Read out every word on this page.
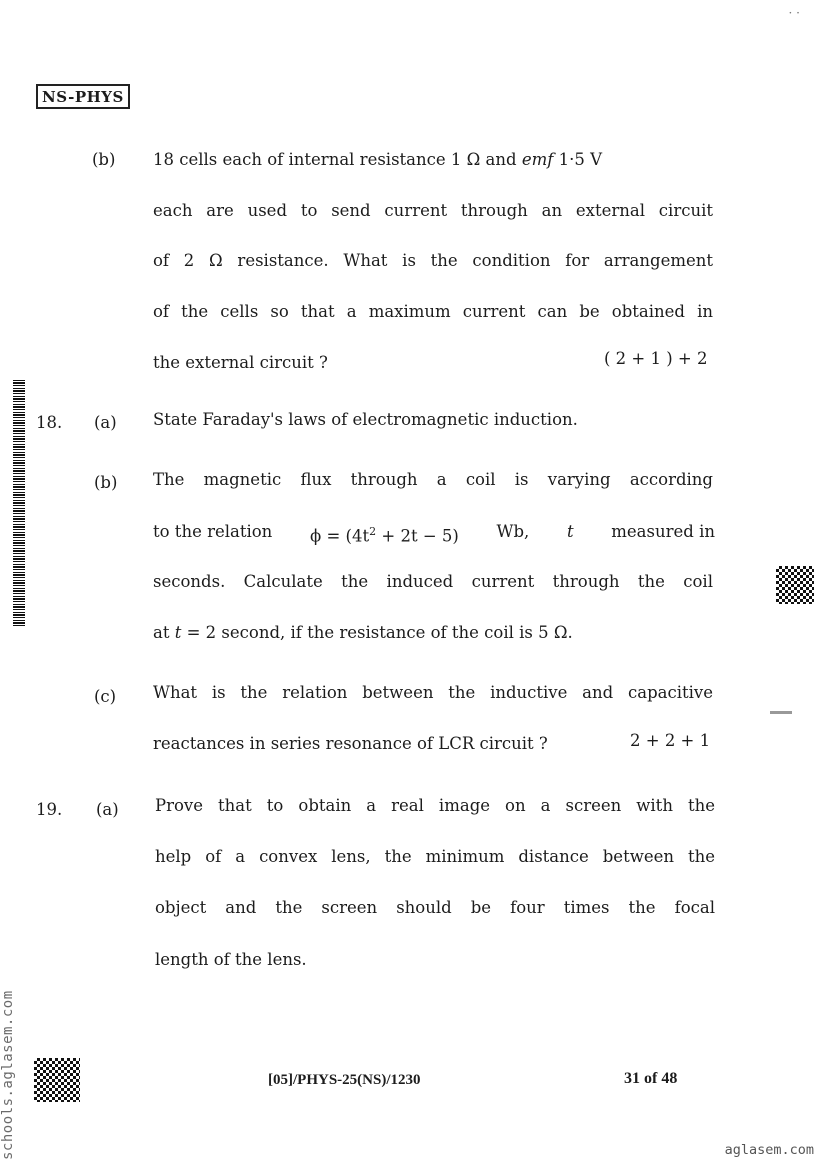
· ·
NS-PHYS
(b) 18 cells each of internal resistance 1 Ω and emf 1·5 V
each are used to send current through an external circuit
of 2 Ω resistance. What is the condition for arrangement
of the cells so that a maximum current can be obtained in
the external circuit ?	( 2 + 1 ) + 2
18. (a) State Faraday's laws of electromagnetic induction.
(b) The magnetic flux through a coil is varying according
to the relation $\phi = (4t^2 + 2t - 5)$ Wb, t measured in
seconds. Calculate the induced current through the coil
at t = 2 second, if the resistance of the coil is 5 Ω.
(c) What is the relation between the inductive and capacitive
reactances in series resonance of LCR circuit ?	2 + 2 + 1
19. (a) Prove that to obtain a real image on a screen with the
help of a convex lens, the minimum distance between the
object and the screen should be four times the focal
length of the lens.
[05]/PHYS-25(NS)/1230	31 of 48
schools.aglasem.com	aglasem.com
